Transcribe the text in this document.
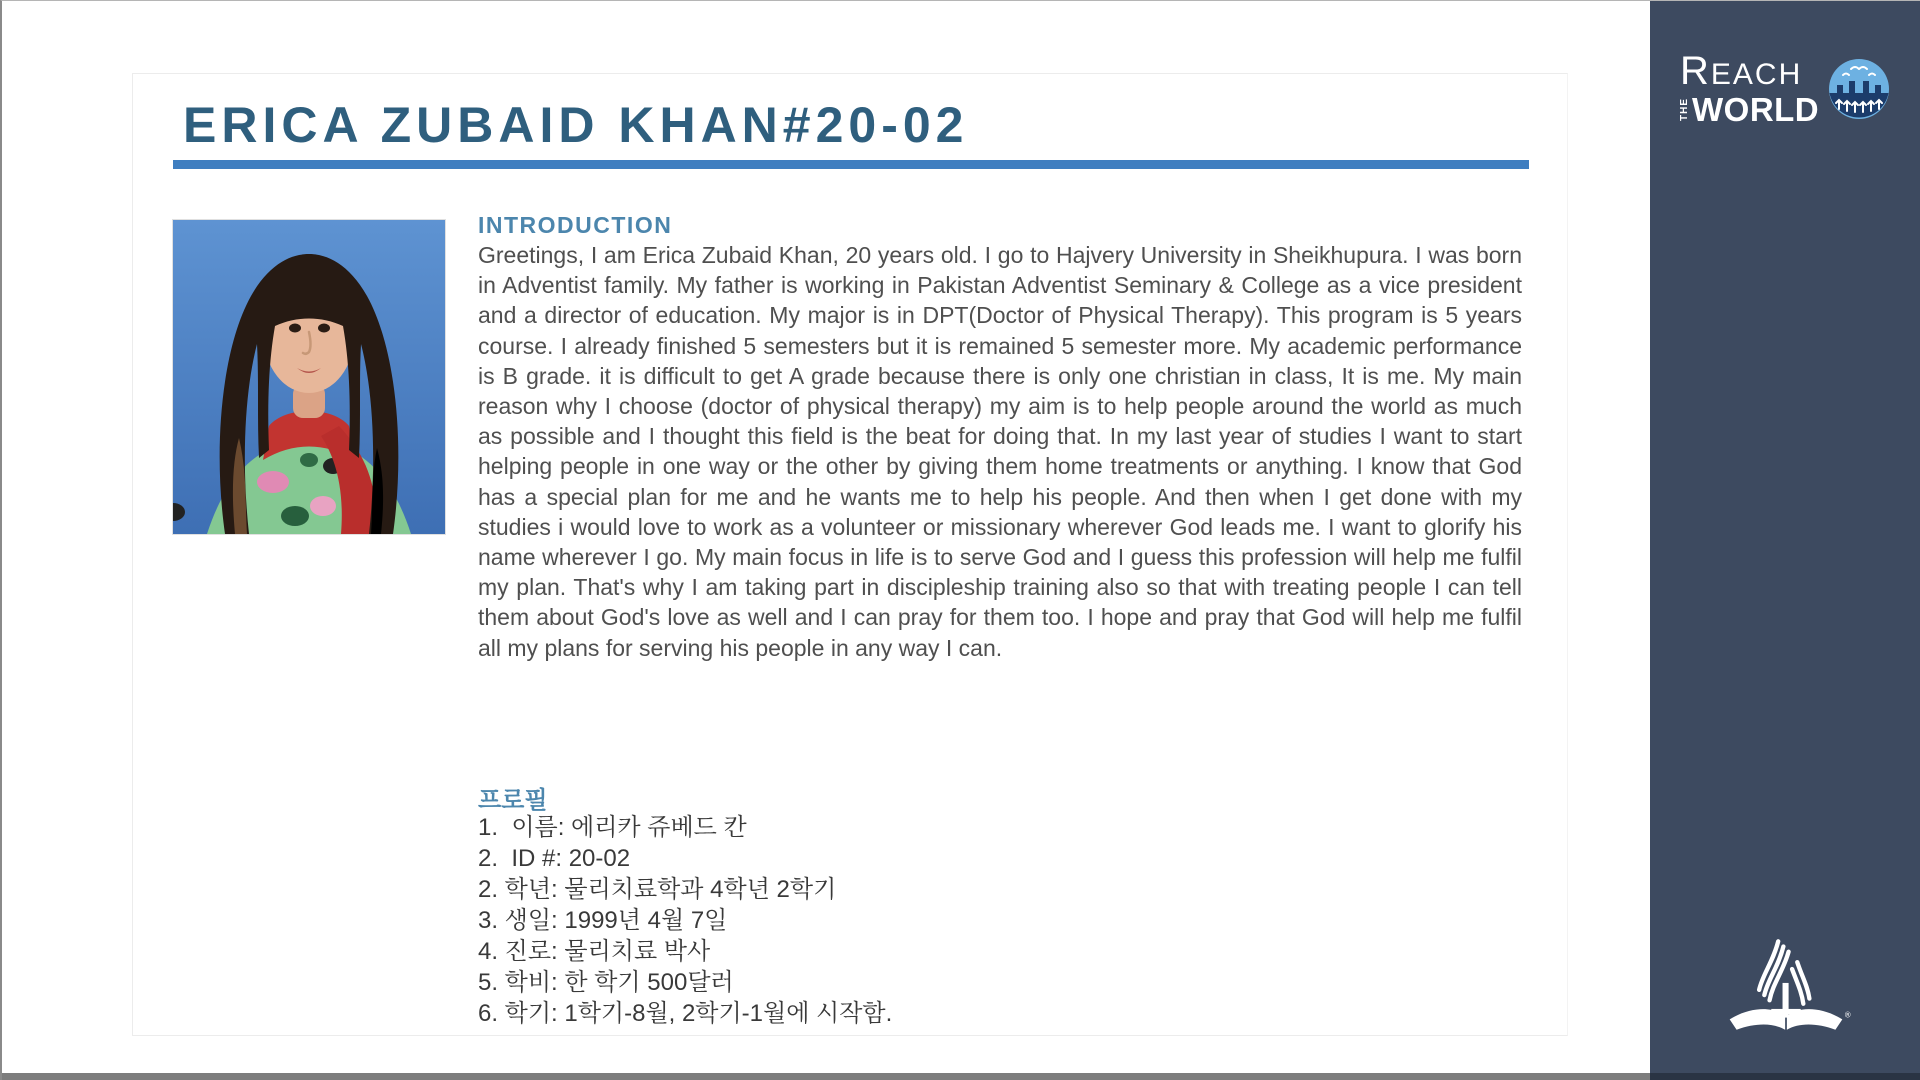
ERICA ZUBAID KHAN#20-02
INTRODUCTION
Greetings, I am Erica Zubaid Khan, 20 years old. I go to Hajvery University in Sheikhupura. I was born in Adventist family. My father is working in Pakistan Adventist Seminary & College as a vice president and a director of education. My major is in DPT(Doctor of Physical Therapy). This program is 5 years course. I already finished 5 semesters but it is remained 5 semester more. My academic performance is B grade. it is difficult to get A grade because there is only one christian in class, It is me. My main reason why I choose (doctor of physical therapy) my aim is to help people around the world as much as possible and I thought this field is the beat for doing that. In my last year of studies I want to start helping people in one way or the other by giving them home treatments or anything. I know that God has a special plan for me and he wants me to help his people. And then when I get done with my studies i would love to work as a volunteer or missionary wherever God leads me. I want to glorify his name wherever I go. My main focus in life is to serve God and I guess this profession will help me fulfil my plan. That's why I am taking part in discipleship training also so that with treating people I can tell them about God's love as well and I can pray for them too. I hope and pray that God will help me fulfil all my plans for serving his people in any way I can.
프로필
1.  이름: 에리카 쥬베드 칸
2.  ID #: 20-02
2. 학년: 물리치료학과 4학년 2학기
3. 생일: 1999년 4월 7일
4. 진로: 물리치료 박사
5. 학비: 한 학기 500달러
6. 학기: 1학기-8월, 2학기-1월에 시작함.
REACH
THE WORLD
®
